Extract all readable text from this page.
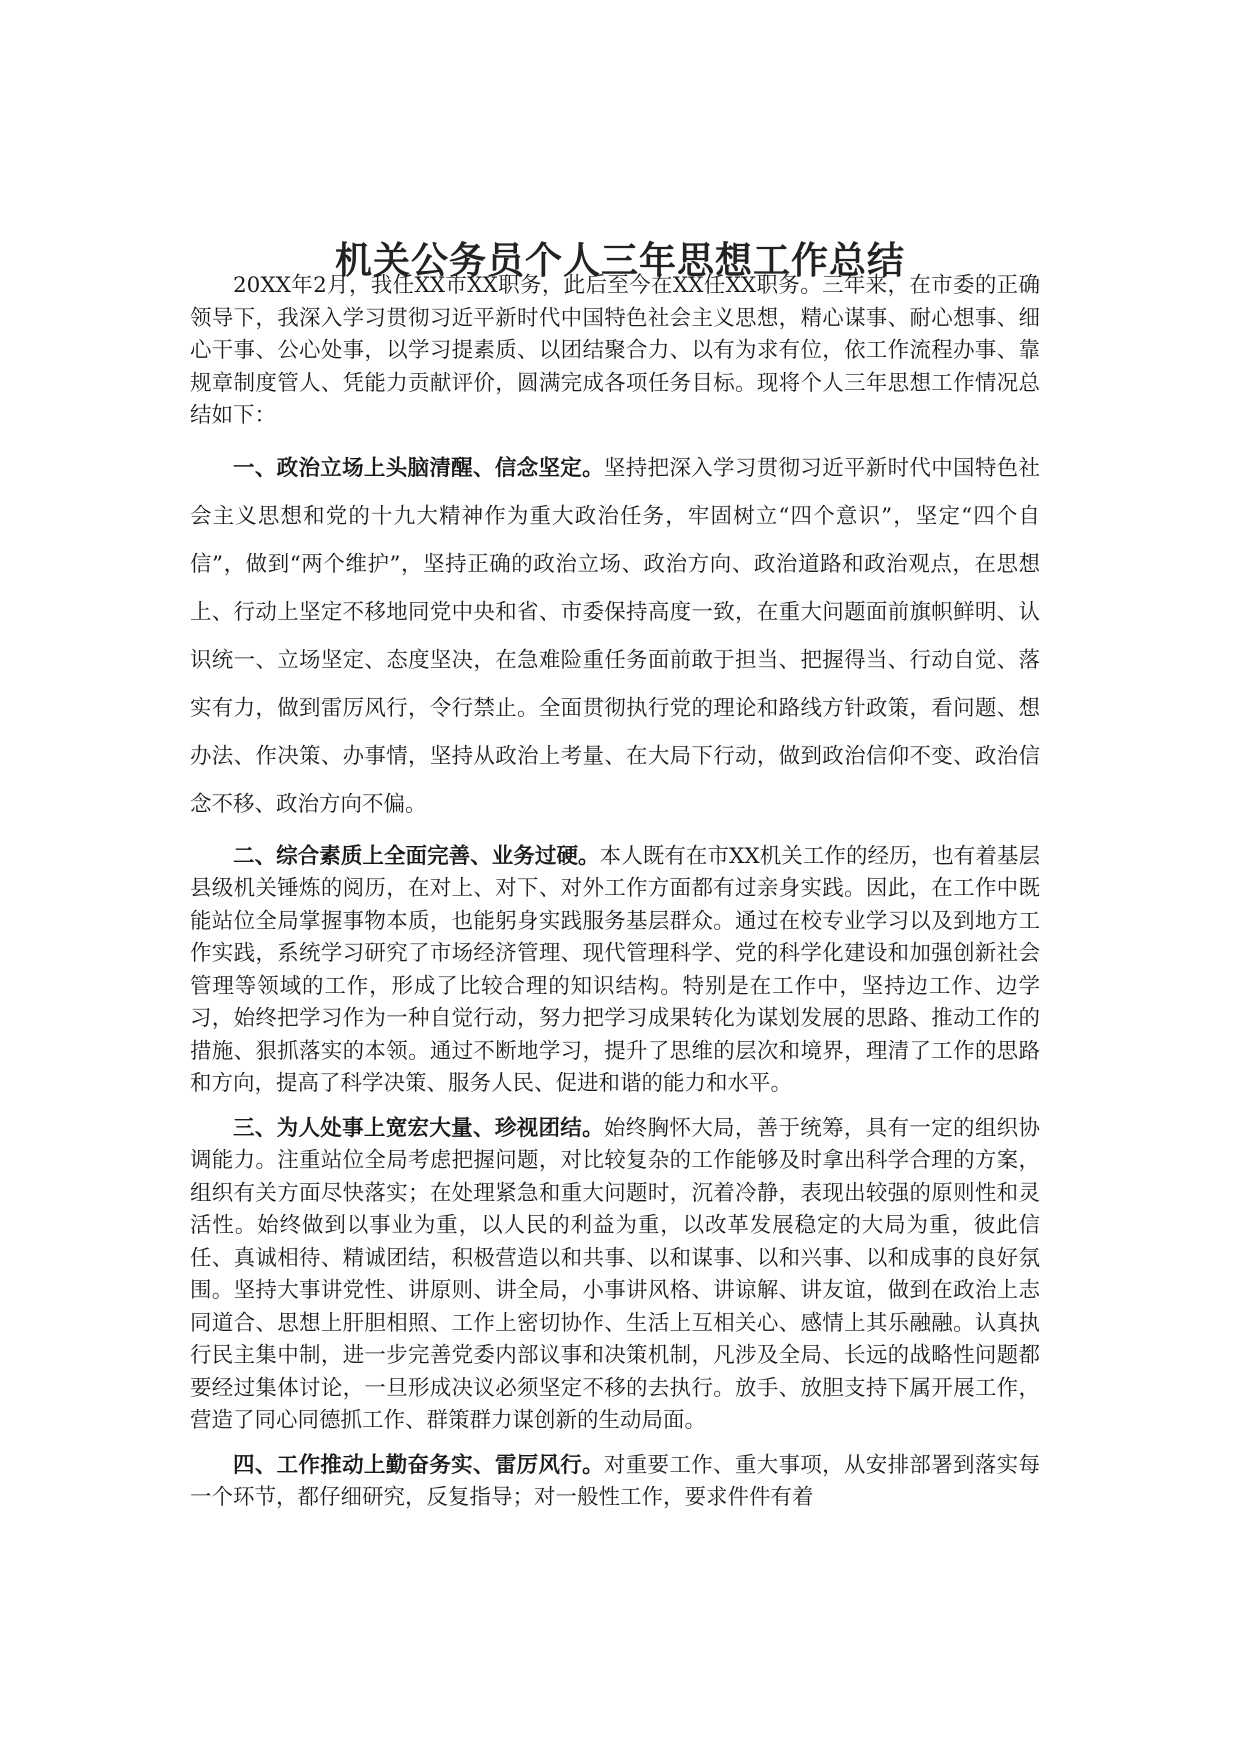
机关公务员个人三年思想工作总结

20XX年2月，我任XX市XX职务，此后至今在XX任XX职务。三年来，在市委的正确领导下，我深入学习贯彻习近平新时代中国特色社会主义思想，精心谋事、耐心想事、细心干事、公心处事，以学习提素质、以团结聚合力、以有为求有位，依工作流程办事、靠规章制度管人、凭能力贡献评价，圆满完成各项任务目标。现将个人三年思想工作情况总结如下：

一、政治立场上头脑清醒、信念坚定。坚持把深入学习贯彻习近平新时代中国特色社会主义思想和党的十九大精神作为重大政治任务，牢固树立“四个意识”，坚定“四个自信”，做到“两个维护”，坚持正确的政治立场、政治方向、政治道路和政治观点，在思想上、行动上坚定不移地同党中央和省、市委保持高度一致，在重大问题面前旗帜鲜明、认识统一、立场坚定、态度坚决，在急难险重任务面前敢于担当、把握得当、行动自觉、落实有力，做到雷厉风行，令行禁止。全面贯彻执行党的理论和路线方针政策，看问题、想办法、作决策、办事情，坚持从政治上考量、在大局下行动，做到政治信仰不变、政治信念不移、政治方向不偏。

二、综合素质上全面完善、业务过硬。本人既有在市XX机关工作的经历，也有着基层县级机关锤炼的阅历，在对上、对下、对外工作方面都有过亲身实践。因此，在工作中既能站位全局掌握事物本质，也能躬身实践服务基层群众。通过在校专业学习以及到地方工作实践，系统学习研究了市场经济管理、现代管理科学、党的科学化建设和加强创新社会管理等领域的工作，形成了比较合理的知识结构。特别是在工作中，坚持边工作、边学习，始终把学习作为一种自觉行动，努力把学习成果转化为谋划发展的思路、推动工作的措施、狠抓落实的本领。通过不断地学习，提升了思维的层次和境界，理清了工作的思路和方向，提高了科学决策、服务人民、促进和谐的能力和水平。

三、为人处事上宽宏大量、珍视团结。始终胸怀大局，善于统筹，具有一定的组织协调能力。注重站位全局考虑把握问题，对比较复杂的工作能够及时拿出科学合理的方案，组织有关方面尽快落实；在处理紧急和重大问题时，沉着冷静，表现出较强的原则性和灵活性。始终做到以事业为重，以人民的利益为重，以改革发展稳定的大局为重，彼此信任、真诚相待、精诚团结，积极营造以和共事、以和谋事、以和兴事、以和成事的良好氛围。坚持大事讲党性、讲原则、讲全局，小事讲风格、讲谅解、讲友谊，做到在政治上志同道合、思想上肝胆相照、工作上密切协作、生活上互相关心、感情上其乐融融。认真执行民主集中制，进一步完善党委内部议事和决策机制，凡涉及全局、长远的战略性问题都要经过集体讨论，一旦形成决议必须坚定不移的去执行。放手、放胆支持下属开展工作，营造了同心同德抓工作、群策群力谋创新的生动局面。

四、工作推动上勤奋务实、雷厉风行。对重要工作、重大事项，从安排部署到落实每一个环节，都仔细研究，反复指导；对一般性工作，要求件件有着
